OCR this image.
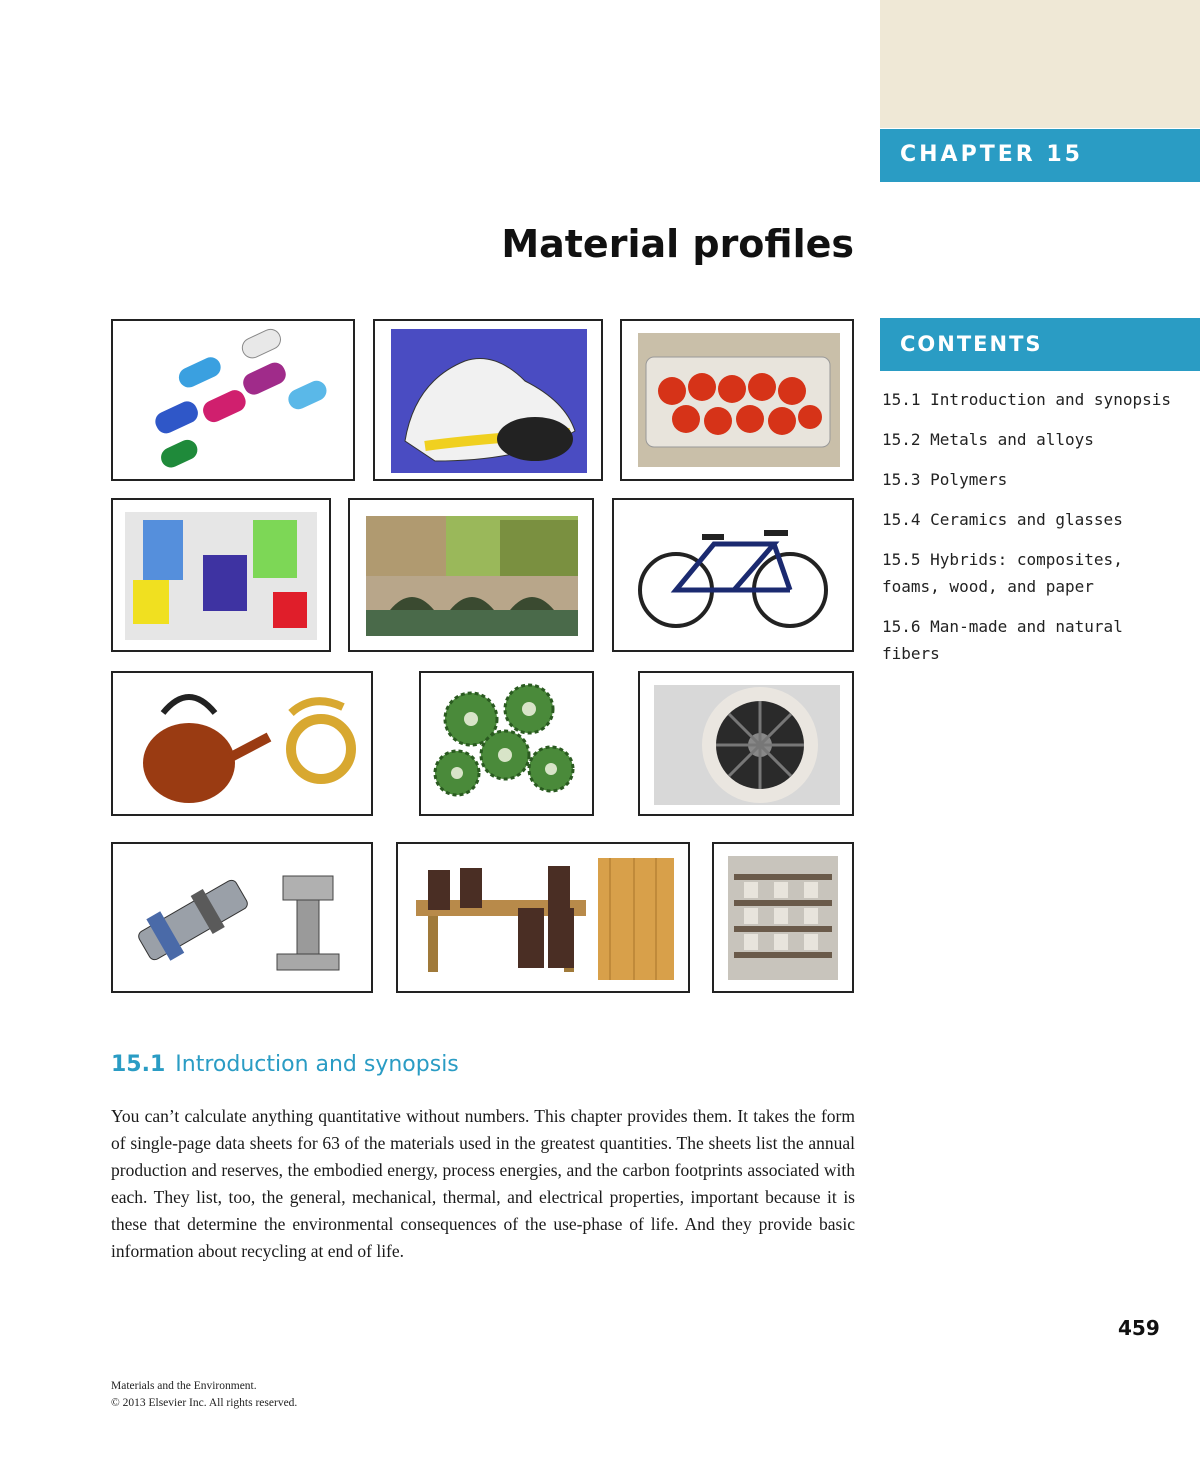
CHAPTER 15
Material profiles
CONTENTS
15.1 Introduction and synopsis
15.2 Metals and alloys
15.3 Polymers
15.4 Ceramics and glasses
15.5 Hybrids: composites, foams, wood, and paper
15.6 Man-made and natural fibers
15.1 Introduction and synopsis

You can’t calculate anything quantitative without numbers. This chapter provides them. It takes the form of single-page data sheets for 63 of the materials used in the greatest quantities. The sheets list the annual production and reserves, the embodied energy, process energies, and the carbon footprints associated with each. They list, too, the general, mechanical, thermal, and electrical properties, important because it is these that determine the environmental consequences of the use-phase of life. And they provide basic information about recycling at end of life.

459
Materials and the Environment.
© 2013 Elsevier Inc. All rights reserved.
